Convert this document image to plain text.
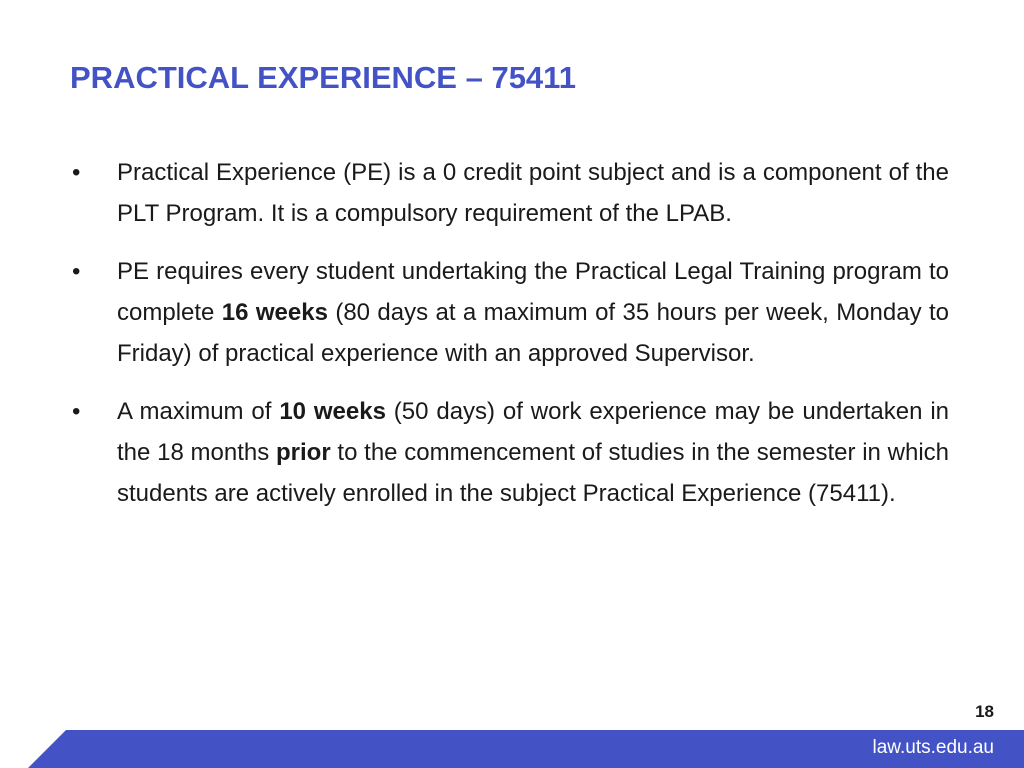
PRACTICAL EXPERIENCE – 75411
• Practical Experience (PE) is a 0 credit point subject and is a component of the PLT Program. It is a compulsory requirement of the LPAB.
• PE requires every student undertaking the Practical Legal Training program to complete 16 weeks (80 days at a maximum of 35 hours per week, Monday to Friday) of practical experience with an approved Supervisor.
• A maximum of 10 weeks (50 days) of work experience may be undertaken in the 18 months prior to the commencement of studies in the semester in which students are actively enrolled in the subject Practical Experience (75411).
18
law.uts.edu.au
